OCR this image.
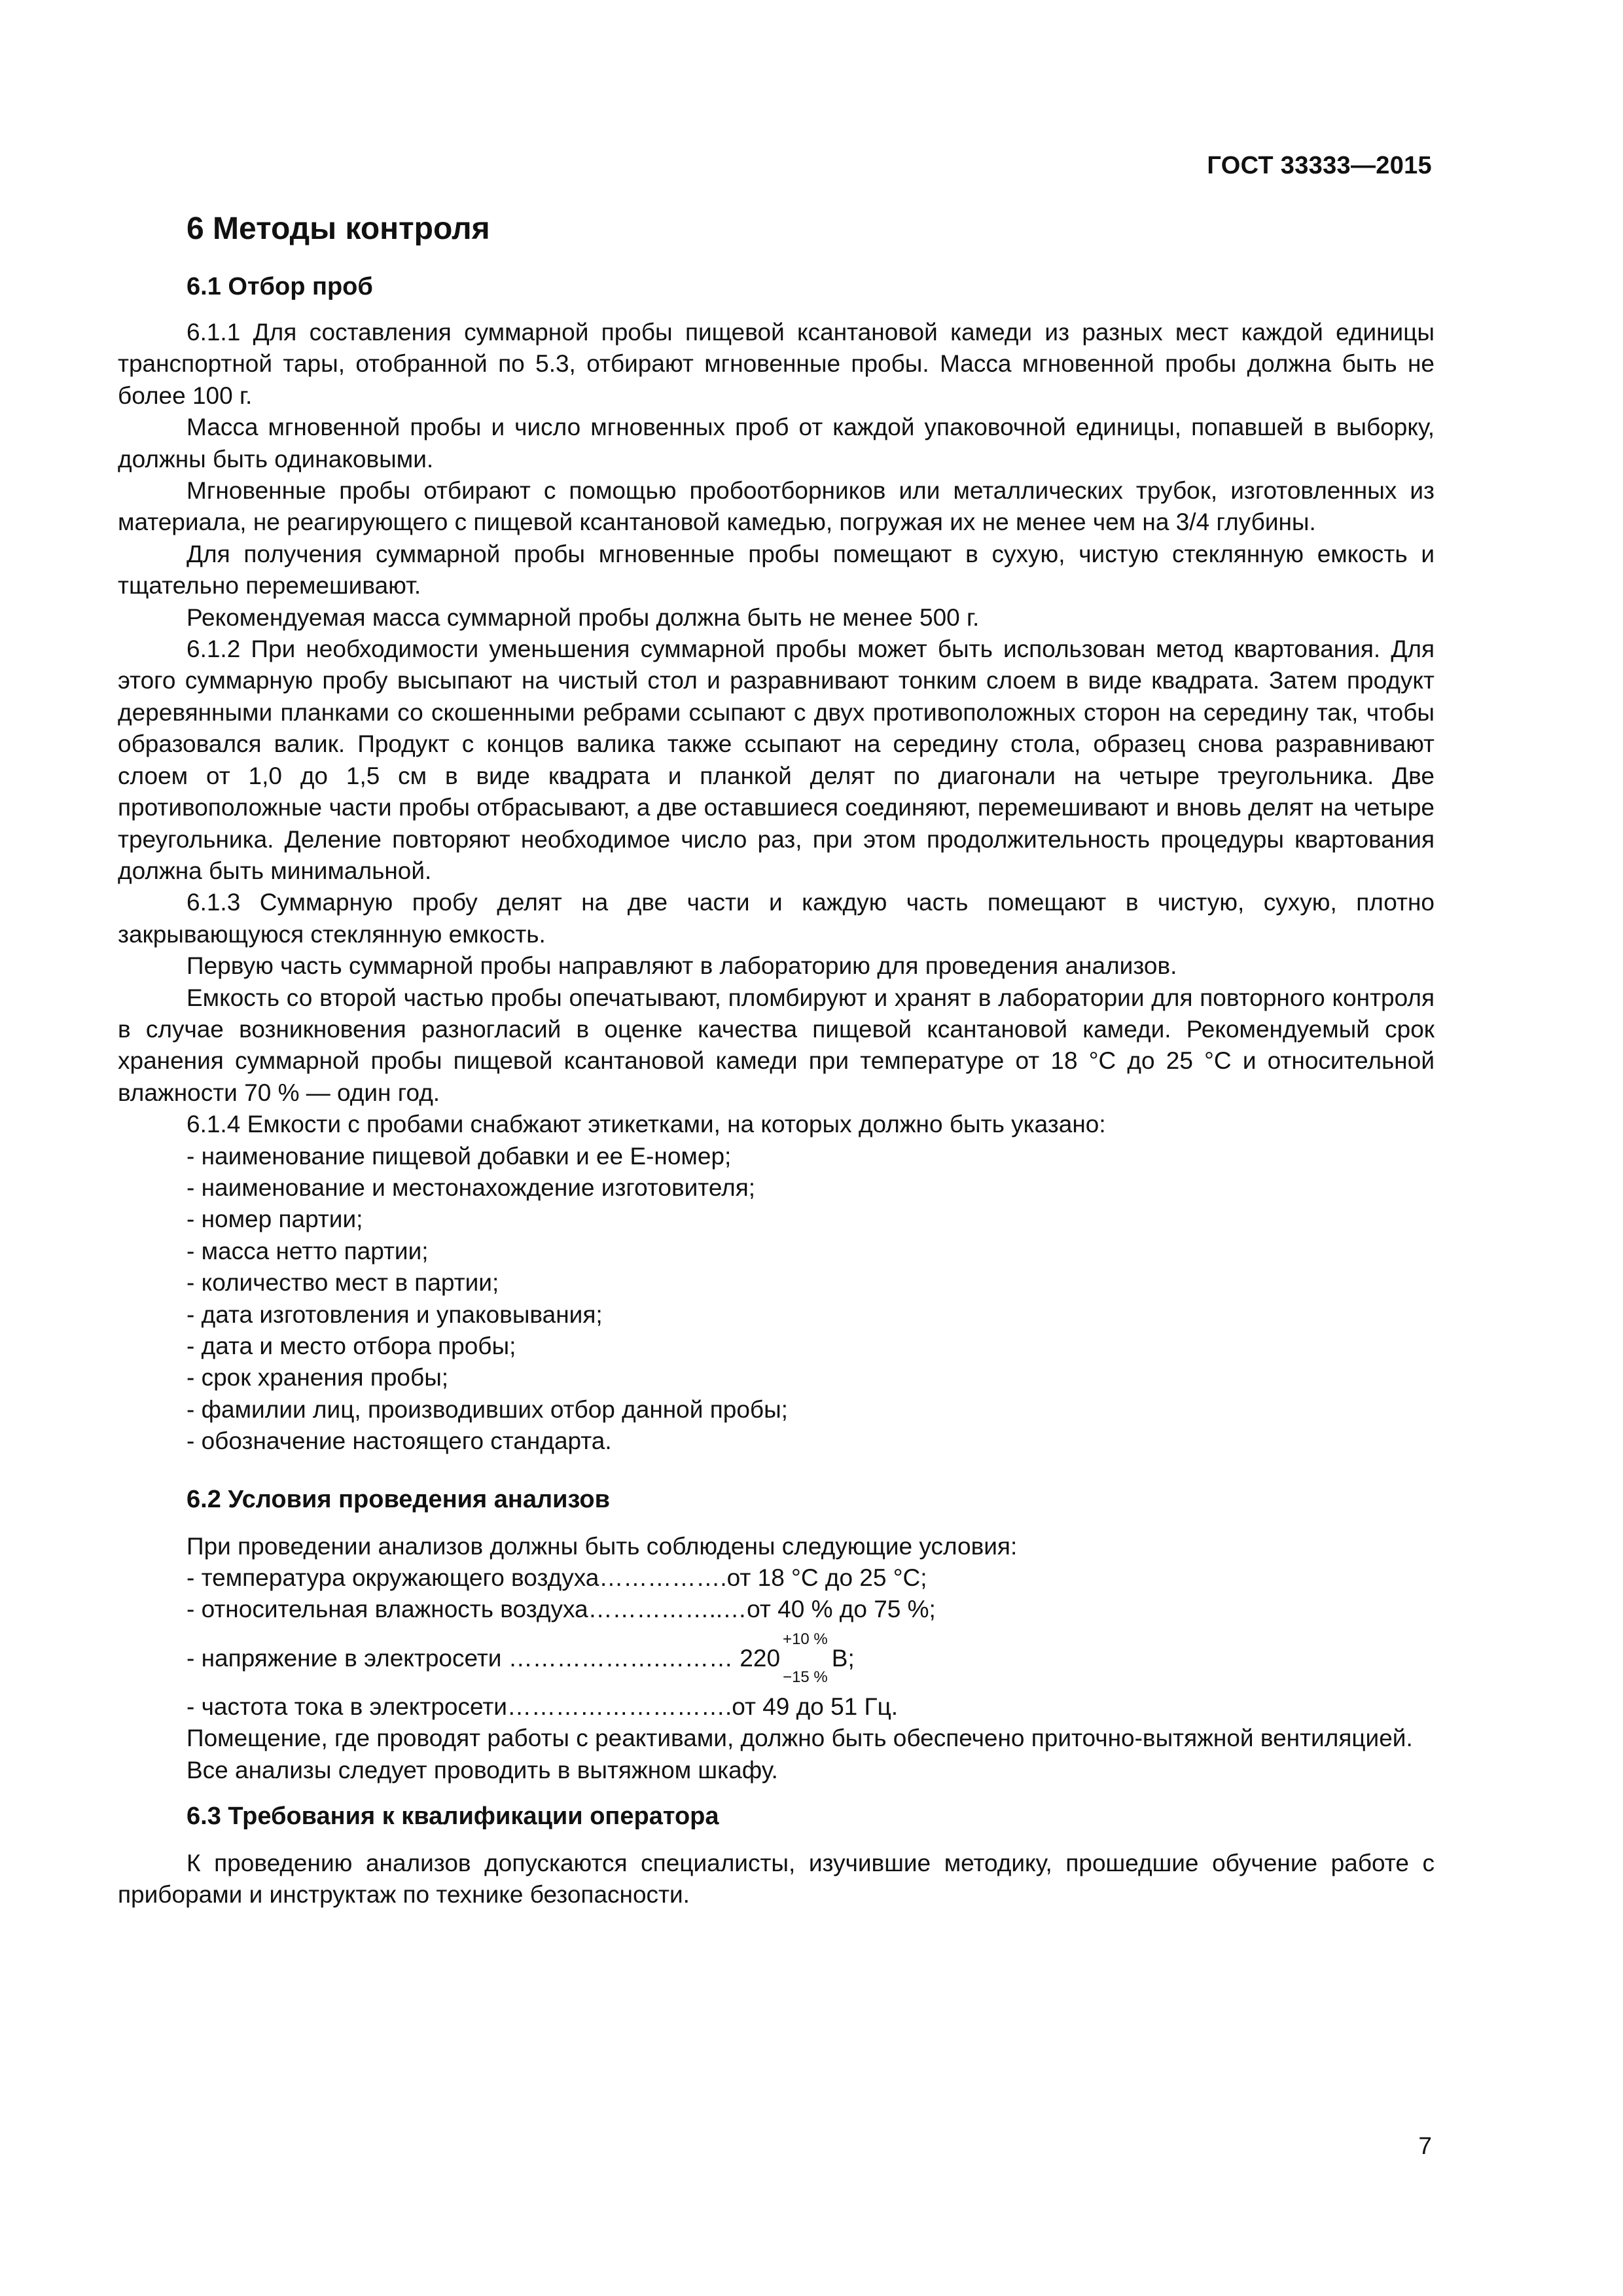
ГОСТ 33333—2015
6 Методы контроля
6.1 Отбор проб

6.1.1 Для составления суммарной пробы пищевой ксантановой камеди из разных мест каждой единицы транспортной тары, отобранной по 5.3, отбирают мгновенные пробы. Масса мгновенной пробы должна быть не более 100 г.

Масса мгновенной пробы и число мгновенных проб от каждой упаковочной единицы, попавшей в выборку, должны быть одинаковыми.

Мгновенные пробы отбирают с помощью пробоотборников или металлических трубок, изготовленных из материала, не реагирующего с пищевой ксантановой камедью, погружая их не менее чем на 3/4 глубины.

Для получения суммарной пробы мгновенные пробы помещают в сухую, чистую стеклянную емкость и тщательно перемешивают.

Рекомендуемая масса суммарной пробы должна быть не менее 500 г.

6.1.2 При необходимости уменьшения суммарной пробы может быть использован метод квартования. Для этого суммарную пробу высыпают на чистый стол и разравнивают тонким слоем в виде квадрата. Затем продукт деревянными планками со скошенными ребрами ссыпают с двух противоположных сторон на середину так, чтобы образовался валик. Продукт с концов валика также ссыпают на середину стола, образец снова разравнивают слоем от 1,0 до 1,5 см в виде квадрата и планкой делят по диагонали на четыре треугольника. Две противоположные части пробы отбрасывают, а две оставшиеся соединяют, перемешивают и вновь делят на четыре треугольника. Деление повторяют необходимое число раз, при этом продолжительность процедуры квартования должна быть минимальной.

6.1.3 Суммарную пробу делят на две части и каждую часть помещают в чистую, сухую, плотно закрывающуюся стеклянную емкость.

Первую часть суммарной пробы направляют в лабораторию для проведения анализов.

Емкость со второй частью пробы опечатывают, пломбируют и хранят в лаборатории для повторного контроля в случае возникновения разногласий в оценке качества пищевой ксантановой камеди. Рекомендуемый срок хранения суммарной пробы пищевой ксантановой камеди при температуре от 18 °С до 25 °С и относительной влажности 70 % — один год.

6.1.4 Емкости с пробами снабжают этикетками, на которых должно быть указано:

- наименование пищевой добавки и ее Е-номер;

- наименование и местонахождение изготовителя;

- номер партии;

- масса нетто партии;

- количество мест в партии;

- дата изготовления и упаковывания;

- дата и место отбора пробы;

- срок хранения пробы;

- фамилии лиц, производивших отбор данной пробы;

- обозначение настоящего стандарта.

6.2 Условия проведения анализов

При проведении анализов должны быть соблюдены следующие условия:

- температура окружающего воздуха…………….от 18 °С до 25 °С;

- относительная влажность воздуха……………..…от 40 % до 75 %;

- напряжение в электросети ……………….……… 220
+10 %
−15 %
В;

- частота тока в электросети……………………….от 49 до 51 Гц.

Помещение, где проводят работы с реактивами, должно быть обеспечено приточно-вытяжной вентиляцией.

Все анализы следует проводить в вытяжном шкафу.

6.3 Требования к квалификации оператора

К проведению анализов допускаются специалисты, изучившие методику, прошедшие обучение работе с приборами и инструктаж по технике безопасности.

7
